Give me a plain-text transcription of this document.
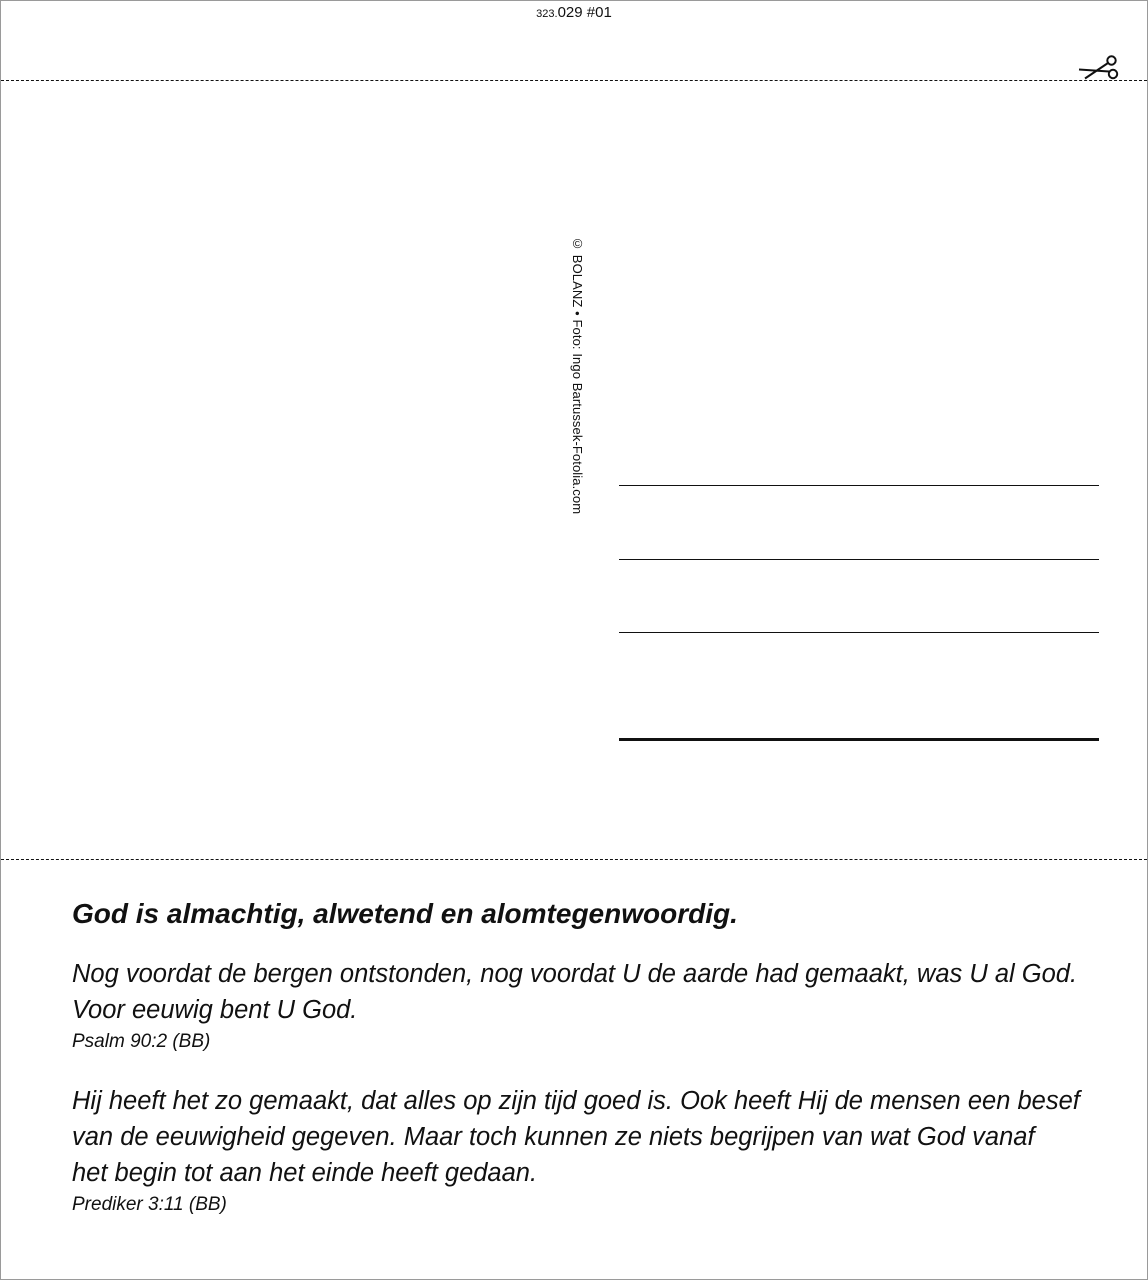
323.029 #01
© BOLANZ • Foto: Ingo Bartussek-Fotolia.com

God is almachtig, alwetend en alomtegenwoordig.

Nog voordat de bergen ontstonden, nog voordat U de aarde had gemaakt, was U al God.

Voor eeuwig bent U God.

Psalm 90:2 (BB)

Hij heeft het zo gemaakt, dat alles op zijn tijd goed is. Ook heeft Hij de mensen een besef

van de eeuwigheid gegeven. Maar toch kunnen ze niets begrijpen van wat God vanaf

het begin tot aan het einde heeft gedaan.

Prediker 3:11 (BB)
